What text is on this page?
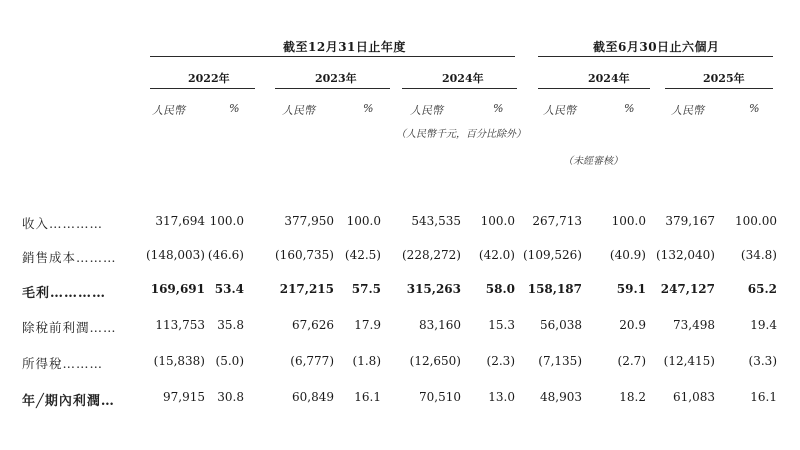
截至12月31日止年度	截至6月30日止六個月
2022年	2023年	2024年	2024年	2025年
人民幣	%	人民幣	%	人民幣	%	人民幣	%	人民幣	%
（人民幣千元，百分比除外）
（未經審核）
收入…………	317,694 100.0	377,950	100.0	543,535	100.0	267,713	100.0	379,167 100.00
銷售成本………	(148,003) (46.6)	(160,735) (42.5)	(228,272)	(42.0) (109,526)	(40.9) (132,040)	(34.8)
毛利…………	169,691 53.4	217,215	57.5	315,263	58.0	158,187	59.1	247,127	65.2
除稅前利潤……	113,753	35.8	67,626	17.9	83,160	15.3	56,038	20.9	73,498	19.4
所得稅………	(15,838) (5.0)	(6,777)	(1.8)	(12,650)	(2.3)	(7,135)	(2.7)	(12,415)	(3.3)
年╱期內利潤…	97,915	30.8	60,849	16.1	70,510	13.0	48,903	18.2	61,083	16.1
